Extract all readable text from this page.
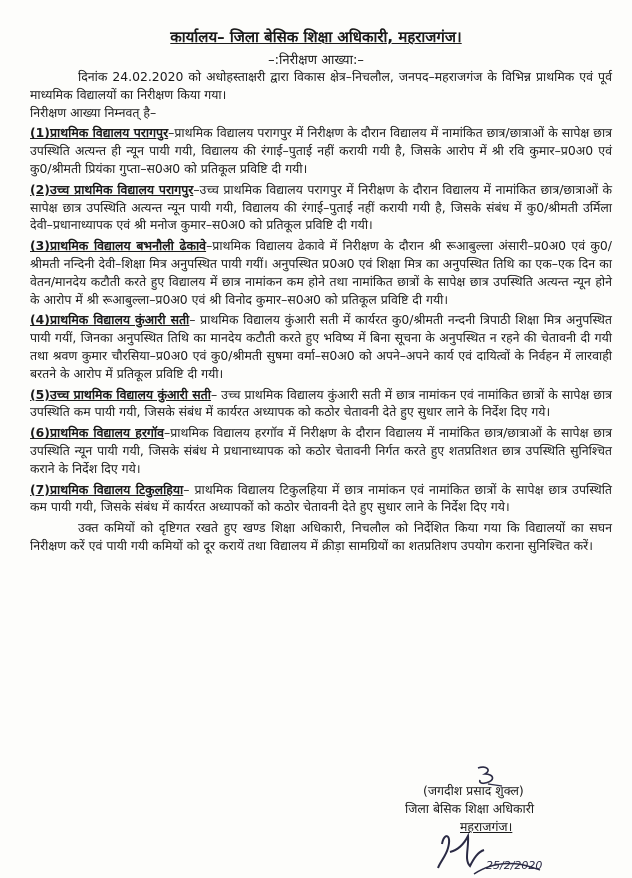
कार्यालय– जिला बेसिक शिक्षा अधिकारी, महराजगंज।
–:निरीक्षण आख्या:–

दिनांक 24.02.2020 को अधोहस्ताक्षरी द्वारा विकास क्षेत्र–निचलौल, जनपद–महराजगंज के विभिन्न प्राथमिक एवं पूर्व माध्यमिक विद्यालयों का निरीक्षण किया गया।

निरीक्षण आख्या निम्नवत् है–

(1)प्राथमिक विद्यालय परागपुर–प्राथमिक विद्यालय परागपुर में निरीक्षण के दौरान विद्यालय में नामांकित छात्र/छात्राओं के सापेक्ष छात्र उपस्थिति अत्यन्त ही न्यून पायी गयी, विद्यालय की रंगाई–पुताई नहीं करायी गयी है, जिसके आरोप में श्री रवि कुमार–प्र0अ0 एवं कु0/श्रीमती प्रियंका गुप्ता–स0अ0 को प्रतिकूल प्रविष्टि दी गयी।

(2)उच्च प्राथमिक विद्यालय परागपुर–उच्च प्राथमिक विद्यालय परागपुर में निरीक्षण के दौरान विद्यालय में नामांकित छात्र/छात्राओं के सापेक्ष छात्र उपस्थिति अत्यन्त न्यून पायी गयी, विद्यालय की रंगाई–पुताई नहीं करायी गयी है, जिसके संबंध में कु0/श्रीमती उर्मिला देवी–प्रधानाध्यापक एवं श्री मनोज कुमार–स0अ0 को प्रतिकूल प्रविष्टि दी गयी।

(3)प्राथमिक विद्यालय बभनौली ढेकावे–प्राथमिक विद्यालय ढेकावे में निरीक्षण के दौरान श्री रूआबुल्ला अंसारी–प्र0अ0 एवं कु0/श्रीमती नन्दिनी देवी–शिक्षा मित्र अनुपस्थित पायी गयीं। अनुपस्थित प्र0अ0 एवं शिक्षा मित्र का अनुपस्थित तिथि का एक–एक दिन का वेतन/मानदेय कटौती करते हुए विद्यालय में छात्र नामांकन कम होने तथा नामांकित छात्रों के सापेक्ष छात्र उपस्थिति अत्यन्त न्यून होने के आरोप में श्री रूआबुल्ला–प्र0अ0 एवं श्री विनोद कुमार–स0अ0 को प्रतिकूल प्रविष्टि दी गयी।

(4)प्राथमिक विद्यालय कुंआरी सती– प्राथमिक विद्यालय कुंआरी सती में कार्यरत कु0/श्रीमती नन्दनी त्रिपाठी शिक्षा मित्र अनुपस्थित पायी गयीं, जिनका अनुपस्थित तिथि का मानदेय कटौती करते हुए भविष्य में बिना सूचना के अनुपस्थित न रहने की चेतावनी दी गयी तथा श्रवण कुमार चौरसिया–प्र0अ0 एवं कु0/श्रीमती सुषमा वर्मा–स0अ0 को अपने–अपने कार्य एवं दायित्वों के निर्वहन में लारवाही बरतने के आरोप में प्रतिकूल प्रविष्टि दी गयी।

(5)उच्च प्राथमिक विद्यालय कुंआरी सती– उच्च प्राथमिक विद्यालय कुंआरी सती में छात्र नामांकन एवं नामांकित छात्रों के सापेक्ष छात्र उपस्थिति कम पायी गयी, जिसके संबंध में कार्यरत अध्यापक को कठोर चेतावनी देते हुए सुधार लाने के निर्देश दिए गये।

(6)प्राथमिक विद्यालय हरगॉव–प्राथमिक विद्यालय हरगॉव में निरीक्षण के दौरान विद्यालय में नामांकित छात्र/छात्राओं के सापेक्ष छात्र उपस्थिति न्यून पायी गयी, जिसके संबंध मे प्रधानाध्यापक को कठोर चेतावनी निर्गत करते हुए शतप्रतिशत छात्र उपस्थिति सुनिश्चित कराने के निर्देश दिए गये।

(7)प्राथमिक विद्यालय टिकुलहिया– प्राथमिक विद्यालय टिकुलहिया में छात्र नामांकन एवं नामांकित छात्रों के सापेक्ष छात्र उपस्थिति कम पायी गयी, जिसके संबंध में कार्यरत अध्यापकों को कठोर चेतावनी देते हुए सुधार लाने के निर्देश दिए गये।

उक्त कमियों को दृष्टिगत रखते हुए खण्ड शिक्षा अधिकारी, निचलौल को निर्देशित किया गया कि विद्यालयों का सघन निरीक्षण करें एवं पायी गयी कमियों को दूर करायें तथा विद्यालय में क्रीड़ा सामग्रियों का शतप्रतिशप उपयोग कराना सुनिश्चित करें।

(जगदीश प्रसाद शुक्ल)
जिला बेसिक शिक्षा अधिकारी
महराजगंज।
25/2/2020
